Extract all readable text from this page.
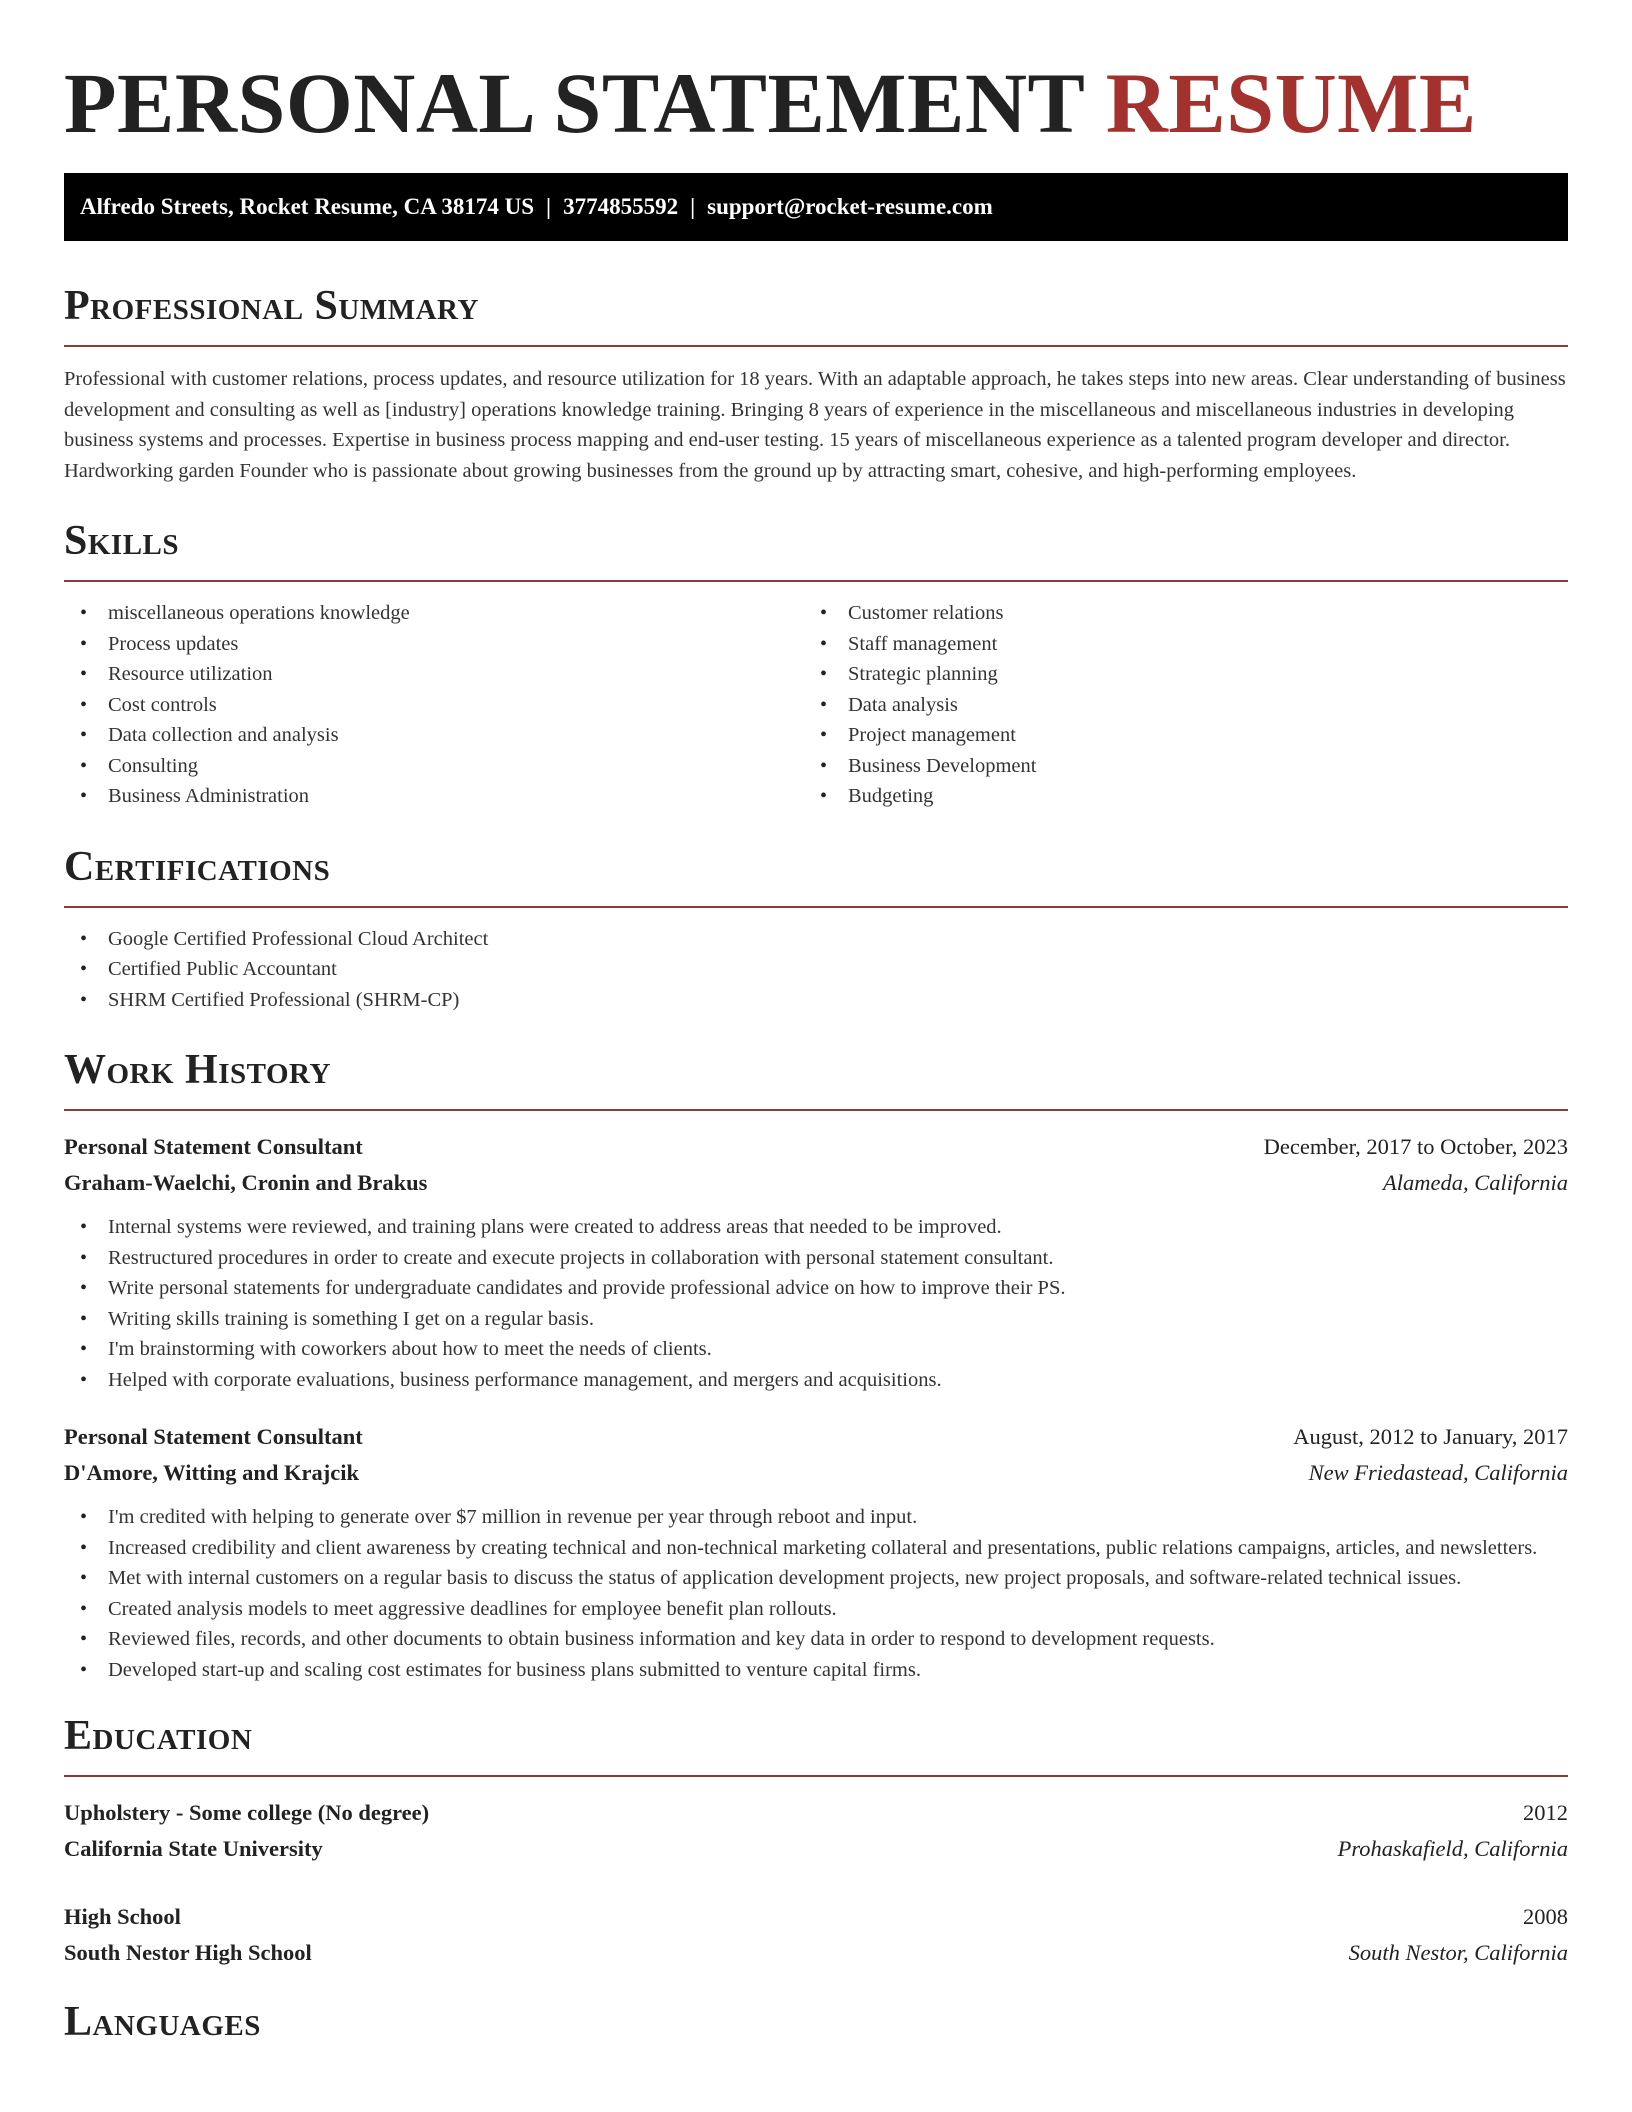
PERSONAL STATEMENT RESUME
Alfredo Streets, Rocket Resume, CA 38174 US | 3774855592 | support@rocket-resume.com
Professional Summary

Professional with customer relations, process updates, and resource utilization for 18 years. With an adaptable approach, he takes steps into new areas. Clear understanding of business development and consulting as well as [industry] operations knowledge training. Bringing 8 years of experience in the miscellaneous and miscellaneous industries in developing business systems and processes. Expertise in business process mapping and end-user testing. 15 years of miscellaneous experience as a talented program developer and director. Hardworking garden Founder who is passionate about growing businesses from the ground up by attracting smart, cohesive, and high-performing employees.

Skills
• miscellaneous operations knowledge
• Process updates
• Resource utilization
• Cost controls
• Data collection and analysis
• Consulting
• Business Administration
• Customer relations
• Staff management
• Strategic planning
• Data analysis
• Project management
• Business Development
• Budgeting
Certifications
• Google Certified Professional Cloud Architect
• Certified Public Accountant
• SHRM Certified Professional (SHRM-CP)
Work History
Personal Statement Consultant	December, 2017 to October, 2023
Graham-Waelchi, Cronin and Brakus	Alameda, California
• Internal systems were reviewed, and training plans were created to address areas that needed to be improved.
• Restructured procedures in order to create and execute projects in collaboration with personal statement consultant.
• Write personal statements for undergraduate candidates and provide professional advice on how to improve their PS.
• Writing skills training is something I get on a regular basis.
• I'm brainstorming with coworkers about how to meet the needs of clients.
• Helped with corporate evaluations, business performance management, and mergers and acquisitions.
Personal Statement Consultant	August, 2012 to January, 2017
D'Amore, Witting and Krajcik	New Friedastead, California
• I'm credited with helping to generate over $7 million in revenue per year through reboot and input.
• Increased credibility and client awareness by creating technical and non-technical marketing collateral and presentations, public relations campaigns, articles, and newsletters.
• Met with internal customers on a regular basis to discuss the status of application development projects, new project proposals, and software-related technical issues.
• Created analysis models to meet aggressive deadlines for employee benefit plan rollouts.
• Reviewed files, records, and other documents to obtain business information and key data in order to respond to development requests.
• Developed start-up and scaling cost estimates for business plans submitted to venture capital firms.
Education
Upholstery - Some college (No degree)	2012
California State University	Prohaskafield, California
High School	2008
South Nestor High School	South Nestor, California
Languages
